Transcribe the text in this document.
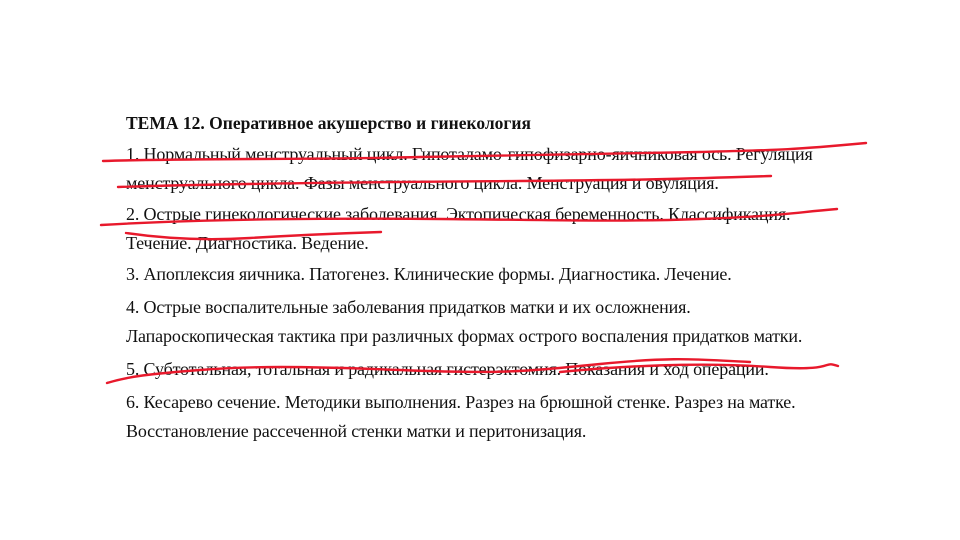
ТЕМА 12. Оперативное акушерство и гинекология
1. Нормальный менструальный цикл. Гипоталамо-гипофизарно-яичниковая ось. Регуляция
менструального цикла. Фазы менструального цикла. Менструация и овуляция.
2. Острые гинекологические заболевания. Эктопическая беременность. Классификация.
Течение. Диагностика. Ведение.
3. Апоплексия яичника. Патогенез. Клинические формы. Диагностика. Лечение.
4. Острые воспалительные заболевания придатков матки и их осложнения.
Лапароскопическая тактика при различных формах острого воспаления придатков матки.
5. Субтотальная, тотальная и радикальная гистерэктомия. Показания и ход операции.
6. Кесарево сечение. Методики выполнения. Разрез на брюшной стенке. Разрез на матке.
Восстановление рассеченной стенки матки и перитонизация.
